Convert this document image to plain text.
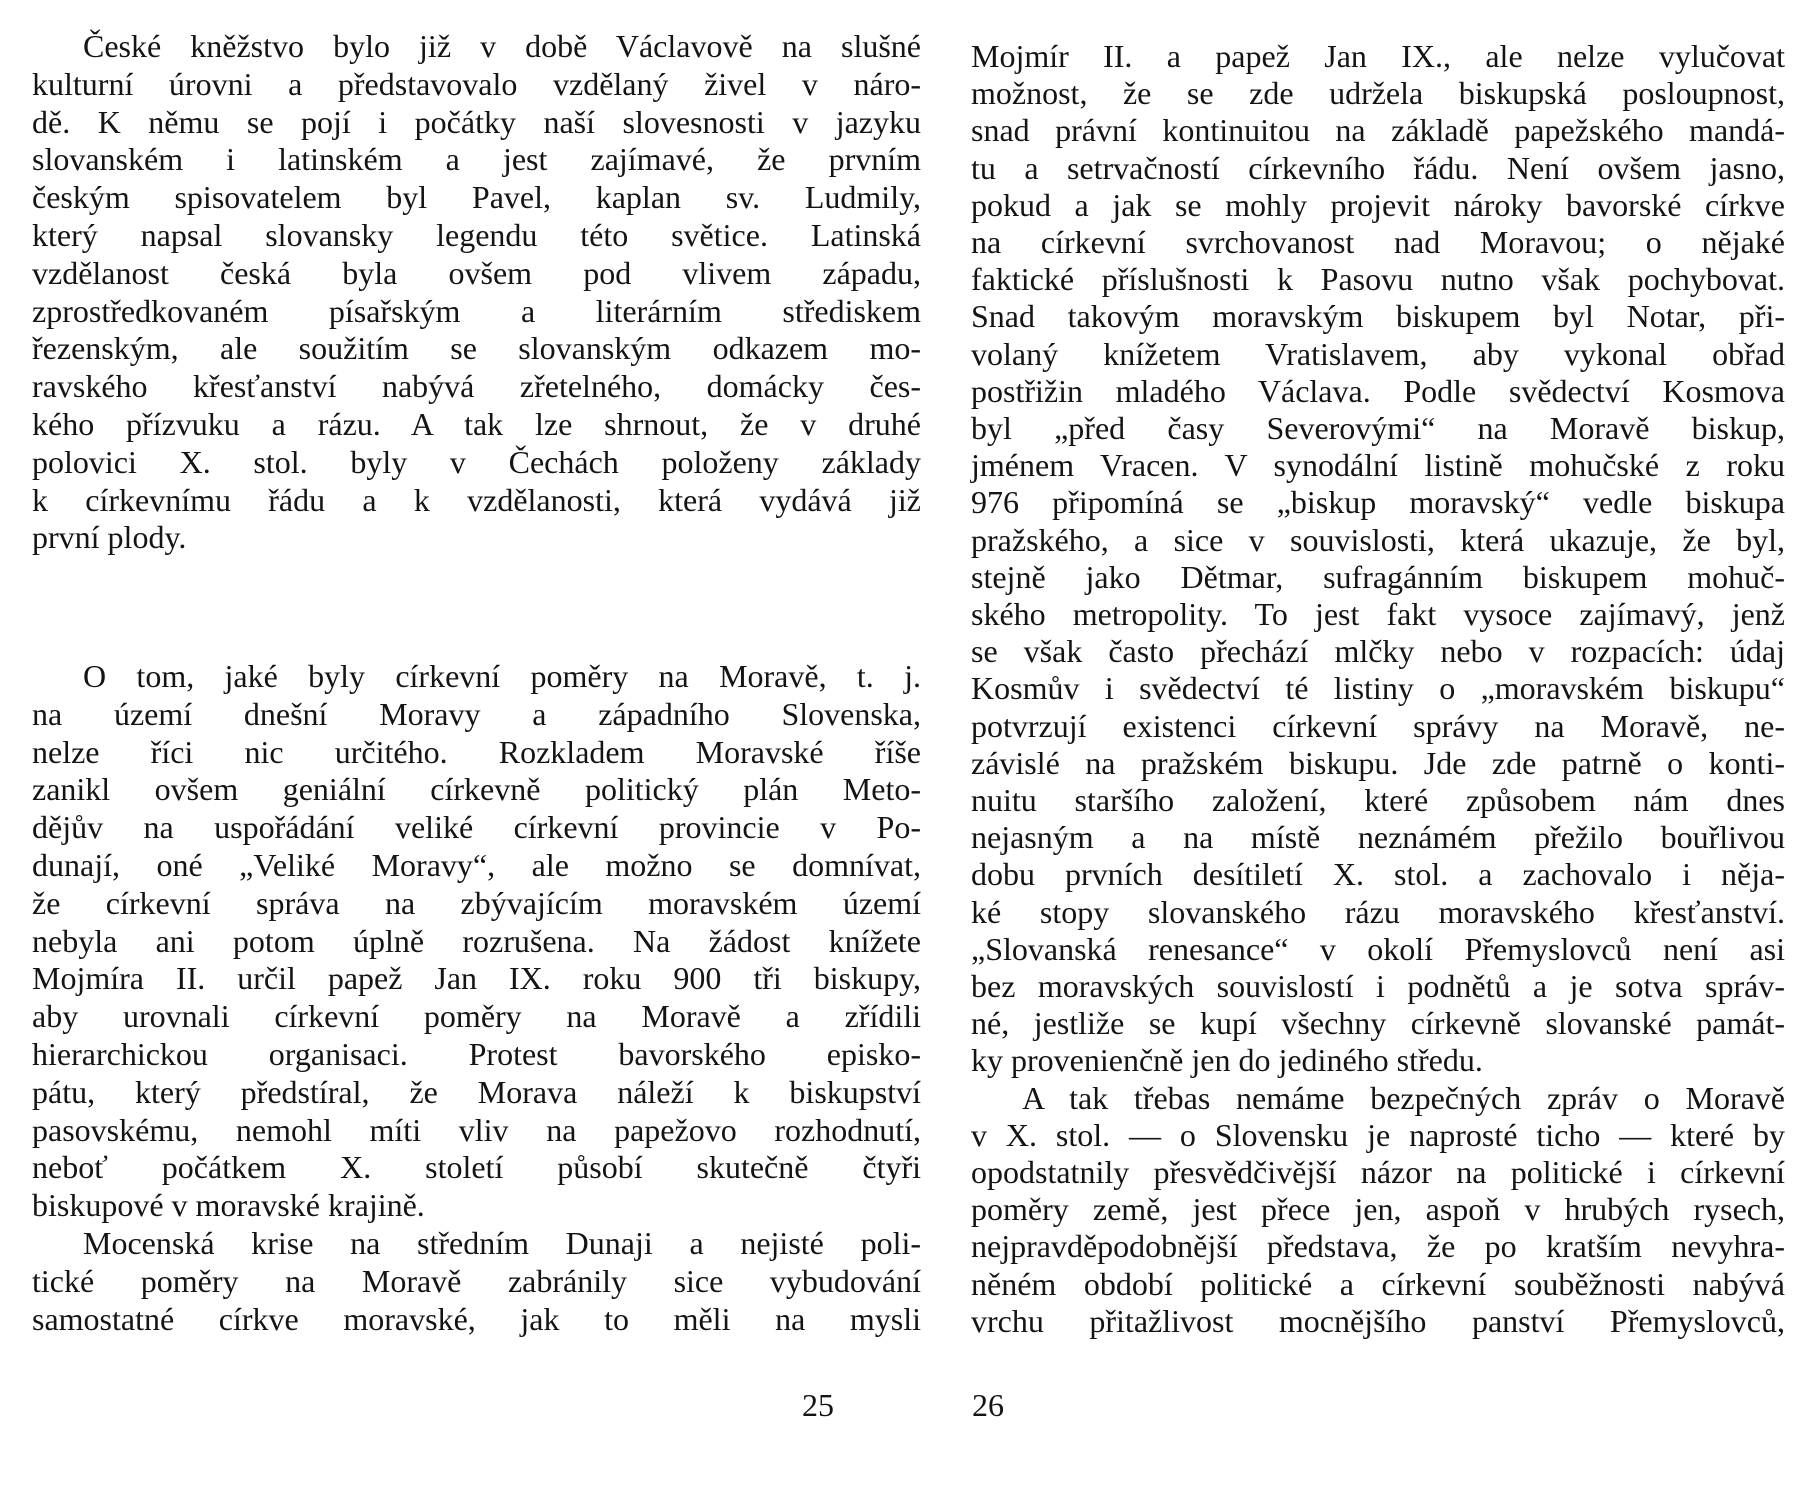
České kněžstvo bylo již v době Václavově na slušné
kulturní úrovni a představovalo vzdělaný živel v náro-
dě. K němu se pojí i počátky naší slovesnosti v jazyku
slovanském i latinském a jest zajímavé, že prvním
českým spisovatelem byl Pavel, kaplan sv. Ludmily,
který napsal slovansky legendu této světice. Latinská
vzdělanost česká byla ovšem pod vlivem západu,
zprostředkovaném písařským a literárním střediskem
řezenským, ale soužitím se slovanským odkazem mo-
ravského křesťanství nabývá zřetelného, domácky čes-
kého přízvuku a rázu. A tak lze shrnout, že v druhé
polovici X. stol. byly v Čechách položeny základy
k církevnímu řádu a k vzdělanosti, která vydává již
první plody.
O tom, jaké byly církevní poměry na Moravě, t. j.
na území dnešní Moravy a západního Slovenska,
nelze říci nic určitého. Rozkladem Moravské říše
zanikl ovšem geniální církevně politický plán Meto-
dějův na uspořádání veliké církevní provincie v Po-
dunají, oné „Veliké Moravy“, ale možno se domnívat,
že církevní správa na zbývajícím moravském území
nebyla ani potom úplně rozrušena. Na žádost knížete
Mojmíra II. určil papež Jan IX. roku 900 tři biskupy,
aby urovnali církevní poměry na Moravě a zřídili
hierarchickou organisaci. Protest bavorského episko-
pátu, který předstíral, že Morava náleží k biskupství
pasovskému, nemohl míti vliv na papežovo rozhodnutí,
neboť počátkem X. století působí skutečně čtyři
biskupové v moravské krajině.
Mocenská krise na středním Dunaji a nejisté poli-
tické poměry na Moravě zabránily sice vybudování
samostatné církve moravské, jak to měli na mysli
Mojmír II. a papež Jan IX., ale nelze vylučovat
možnost, že se zde udržela biskupská posloupnost,
snad právní kontinuitou na základě papežského mandá-
tu a setrvačností církevního řádu. Není ovšem jasno,
pokud a jak se mohly projevit nároky bavorské církve
na církevní svrchovanost nad Moravou; o nějaké
faktické příslušnosti k Pasovu nutno však pochybovat.
Snad takovým moravským biskupem byl Notar, při-
volaný knížetem Vratislavem, aby vykonal obřad
postřižin mladého Václava. Podle svědectví Kosmova
byl „před časy Severovými“ na Moravě biskup,
jménem Vracen. V synodální listině mohučské z roku
976 připomíná se „biskup moravský“ vedle biskupa
pražského, a sice v souvislosti, která ukazuje, že byl,
stejně jako Dětmar, sufragánním biskupem mohuč-
ského metropolity. To jest fakt vysoce zajímavý, jenž
se však často přechází mlčky nebo v rozpacích: údaj
Kosmův i svědectví té listiny o „moravském biskupu“
potvrzují existenci církevní správy na Moravě, ne-
závislé na pražském biskupu. Jde zde patrně o konti-
nuitu staršího založení, které způsobem nám dnes
nejasným a na místě neznámém přežilo bouřlivou
dobu prvních desítiletí X. stol. a zachovalo i něja-
ké stopy slovanského rázu moravského křesťanství.
„Slovanská renesance“ v okolí Přemyslovců není asi
bez moravských souvislostí i podnětů a je sotva správ-
né, jestliže se kupí všechny církevně slovanské památ-
ky provenienčně jen do jediného středu.
A tak třebas nemáme bezpečných zpráv o Moravě
v X. stol. — o Slovensku je naprosté ticho — které by
opodstatnily přesvědčivější názor na politické i církevní
poměry země, jest přece jen, aspoň v hrubých rysech,
nejpravděpodobnější představa, že po kratším nevyhra-
něném období politické a církevní souběžnosti nabývá
vrchu přitažlivost mocnějšího panství Přemyslovců,
25	26
